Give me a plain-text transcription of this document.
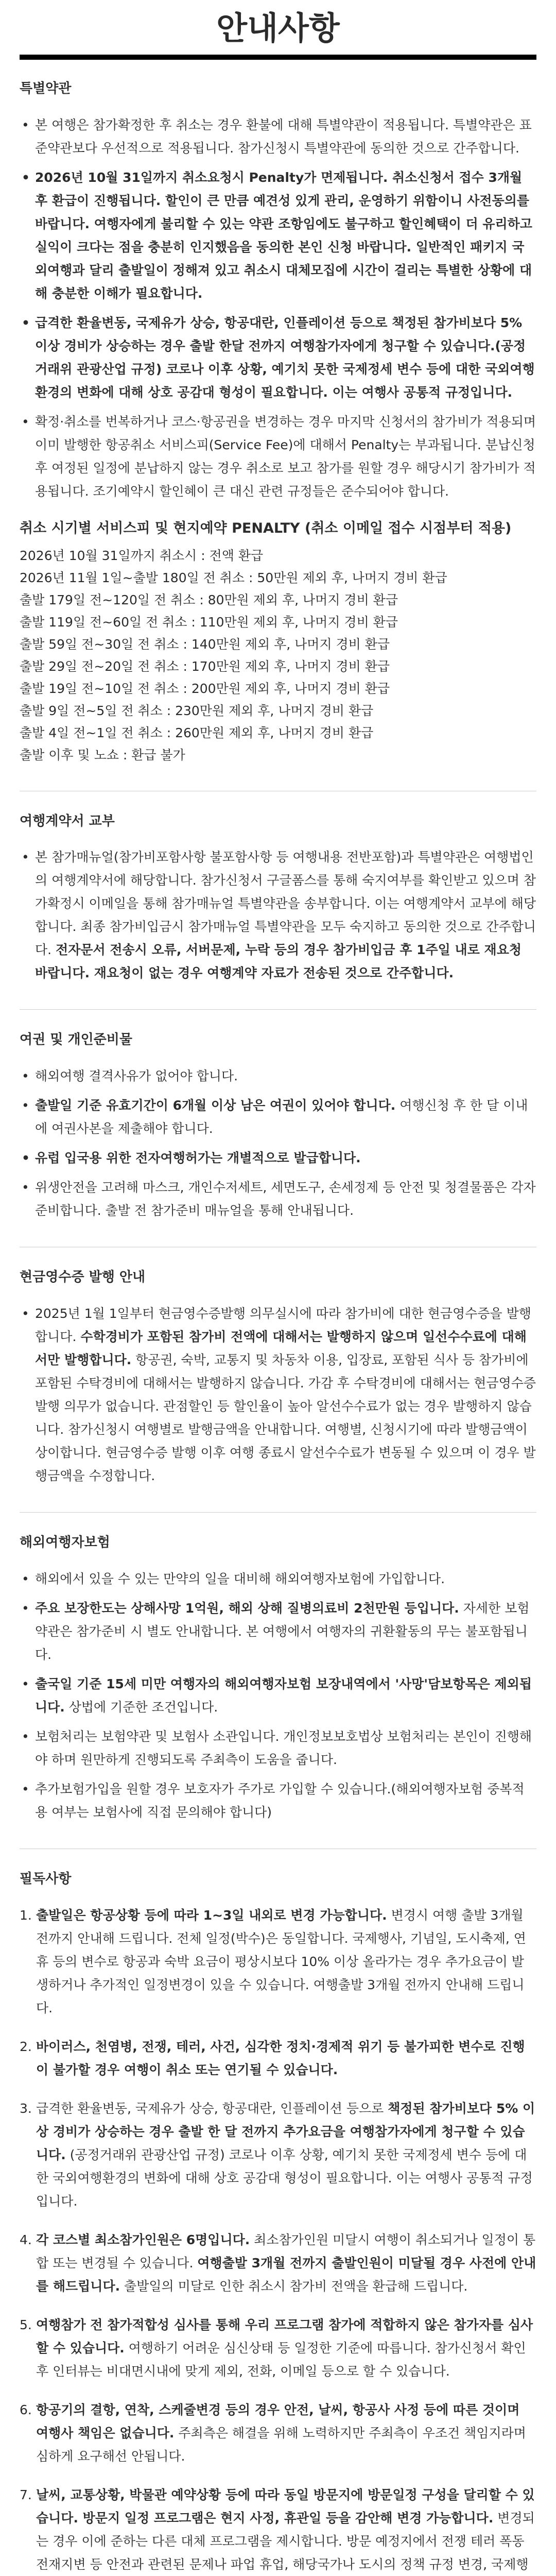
안내사항
특별약관
• 본 여행은 참가확정한 후 취소는 경우 환불에 대해 특별약관이 적용됩니다. 특별약관은 표준약관보다 우선적으로 적용됩니다. 참가신청시 특별약관에 동의한 것으로 간주합니다.
• 2026년 10월 31일까지 취소요청시 Penalty가 면제됩니다. 취소신청서 접수 3개월 후 환급이 진행됩니다. 할인이 큰 만큼 예견성 있게 관리, 운영하기 위함이니 사전동의를 바랍니다. 여행자에게 불리할 수 있는 약관 조항임에도 불구하고 할인혜택이 더 유리하고 실익이 크다는 점을 충분히 인지했음을 동의한 본인 신청 바랍니다. 일반적인 패키지 국외여행과 달리 출발일이 정해져 있고 취소시 대체모집에 시간이 걸리는 특별한 상황에 대해 충분한 이해가 필요합니다.
• 급격한 환율변동, 국제유가 상승, 항공대란, 인플레이션 등으로 책정된 참가비보다 5% 이상 경비가 상승하는 경우 출발 한달 전까지 여행참가자에게 청구할 수 있습니다.(공정거래위 관광산업 규정) 코로나 이후 상황, 예기치 못한 국제정세 변수 등에 대한 국외여행환경의 변화에 대해 상호 공감대 형성이 필요합니다. 이는 여행사 공통적 규정입니다.
• 확정·취소를 번복하거나 코스·항공권을 변경하는 경우 마지막 신청서의 참가비가 적용되며 이미 발행한 항공취소 서비스피(Service Fee)에 대해서 Penalty는 부과됩니다. 분납신청 후 여정된 일정에 분납하지 않는 경우 취소로 보고 참가를 원할 경우 해당시기 참가비가 적용됩니다. 조기예약시 할인혜이 큰 대신 관련 규정들은 준수되어야 합니다.
취소 시기별 서비스피 및 현지예약 PENALTY (취소 이메일 접수 시점부터 적용)

2026년 10월 31일까지 취소시 : 전액 환급

2026년 11월 1일~출발 180일 전 취소 : 50만원 제외 후, 나머지 경비 환급

출발 179일 전~120일 전 취소 : 80만원 제외 후, 나머지 경비 환급

출발 119일 전~60일 전 취소 : 110만원 제외 후, 나머지 경비 환급

출발 59일 전~30일 전 취소 : 140만원 제외 후, 나머지 경비 환급

출발 29일 전~20일 전 취소 : 170만원 제외 후, 나머지 경비 환급

출발 19일 전~10일 전 취소 : 200만원 제외 후, 나머지 경비 환급

출발 9일 전~5일 전 취소 : 230만원 제외 후, 나머지 경비 환급

출발 4일 전~1일 전 취소 : 260만원 제외 후, 나머지 경비 환급

출발 이후 및 노쇼 : 환급 불가

여행계약서 교부
• 본 참가매뉴얼(참가비포함사항 불포함사항 등 여행내용 전반포함)과 특별약관은 여행법인의 여행계약서에 해당합니다. 참가신청서 구글폼스를 통해 숙지여부를 확인받고 있으며 참가확정시 이메일을 통해 참가매뉴얼 특별약관을 송부합니다. 이는 여행계약서 교부에 해당합니다. 최종 참가비입금시 참가매뉴얼 특별약관을 모두 숙지하고 동의한 것으로 간주합니다. 전자문서 전송시 오류, 서버문제, 누락 등의 경우 참가비입금 후 1주일 내로 재요청 바랍니다. 재요청이 없는 경우 여행계약 자료가 전송된 것으로 간주합니다.
여권 및 개인준비물
• 해외여행 결격사유가 없어야 합니다.
• 출발일 기준 유효기간이 6개월 이상 남은 여권이 있어야 합니다. 여행신청 후 한 달 이내에 여권사본을 제출해야 합니다.
• 유럽 입국용 위한 전자여행허가는 개별적으로 발급합니다.
• 위생안전을 고려해 마스크, 개인수저세트, 세면도구, 손세정제 등 안전 및 청결물품은 각자 준비합니다. 출발 전 참가준비 매뉴얼을 통해 안내됩니다.
현금영수증 발행 안내
• 2025년 1월 1일부터 현금영수증발행 의무실시에 따라 참가비에 대한 현금영수증을 발행합니다. 수학경비가 포함된 참가비 전액에 대해서는 발행하지 않으며 일선수수료에 대해서만 발행합니다. 항공권, 숙박, 교통지 및 차동차 이용, 입장료, 포함된 식사 등 참가비에 포함된 수탁경비에 대해서는 발행하지 않습니다. 가감 후 수탁경비에 대해서는 현금영수증 발행 의무가 없습니다. 관점할인 등 할인율이 높아 알선수수료가 없는 경우 발행하지 않습니다. 참가신청시 여행별로 발행금액을 안내합니다. 여행별, 신청시기에 따라 발행금액이 상이합니다. 현금영수증 발행 이후 여행 종료시 알선수수료가 변동될 수 있으며 이 경우 발행금액을 수정합니다.
해외여행자보험
• 해외에서 있을 수 있는 만약의 일을 대비해 해외여행자보험에 가입합니다.
• 주요 보장한도는 상해사망 1억원, 해외 상해 질병의료비 2천만원 등입니다. 자세한 보험약관은 참가준비 시 별도 안내합니다. 본 여행에서 여행자의 귀환활동의 무는 불포함됩니다.
• 출국일 기준 15세 미만 여행자의 해외여행자보험 보장내역에서 '사망'담보항목은 제외됩니다. 상법에 기준한 조건입니다.
• 보험처리는 보험약관 및 보험사 소관입니다. 개인정보보호법상 보험처리는 본인이 진행해야 하며 원만하게 진행되도록 주최측이 도움을 줍니다.
• 추가보험가입을 원할 경우 보호자가 주가로 가입할 수 있습니다.(해외여행자보험 중복적용 여부는 보험사에 직접 문의해야 합니다)
필독사항
1. 출발일은 항공상황 등에 따라 1~3일 내외로 변경 가능합니다. 변경시 여행 출발 3개월 전까지 안내해 드립니다. 전체 일정(박수)은 동일합니다. 국제행사, 기념일, 도시축제, 연휴 등의 변수로 항공과 숙박 요금이 평상시보다 10% 이상 올라가는 경우 추가요금이 발생하거나 추가적인 일정변경이 있을 수 있습니다. 여행출발 3개월 전까지 안내해 드립니다.
2. 바이러스, 천염병, 전쟁, 테러, 사건, 심각한 정치·경제적 위기 등 불가피한 변수로 진행이 불가할 경우 여행이 취소 또는 연기될 수 있습니다.
3. 급격한 환율변동, 국제유가 상승, 항공대란, 인플레이션 등으로 책정된 참가비보다 5% 이상 경비가 상승하는 경우 출발 한 달 전까지 추가요금을 여행참가자에게 청구할 수 있습니다. (공정거래위 관광산업 규정) 코로나 이후 상황, 예기치 못한 국제정세 변수 등에 대한 국외여행환경의 변화에 대해 상호 공감대 형성이 필요합니다. 이는 여행사 공통적 규정입니다.
4. 각 코스별 최소참가인원은 6명입니다. 최소참가인원 미달시 여행이 취소되거나 일정이 통합 또는 변경될 수 있습니다. 여행출발 3개월 전까지 출발인원이 미달될 경우 사전에 안내를 해드립니다. 출발일의 미달로 인한 취소시 참가비 전액을 환급해 드립니다.
5. 여행참가 전 참가적합성 심사를 통해 우리 프로그램 참가에 적합하지 않은 참가자를 심사할 수 있습니다. 여행하기 어려운 심신상태 등 일정한 기준에 따릅니다. 참가신청서 확인 후 인터뷰는 비대면시내에 맞게 제외, 전화, 이메일 등으로 할 수 있습니다.
6. 항공기의 결항, 연착, 스케줄변경 등의 경우 안전, 날씨, 항공사 사정 등에 따른 것이며 여행사 책임은 없습니다. 주최측은 해결을 위해 노력하지만 주최측이 우조건 책임지라며 심하게 요구해선 안됩니다.
7. 날씨, 교통상황, 박물관 예약상황 등에 따라 동일 방문지에 방문일정 구성을 달리할 수 있습니다. 방문지 일정 프로그램은 현지 사정, 휴관일 등을 감안해 변경 가능합니다. 변경되는 경우 이에 준하는 다른 대체 프로그램을 제시합니다. 방문 예정지에서 전쟁 테러 폭동 전재지변 등 안전과 관련된 문제나 파업 휴업, 해당국가나 도시의 정책 규정 변경, 국제행
